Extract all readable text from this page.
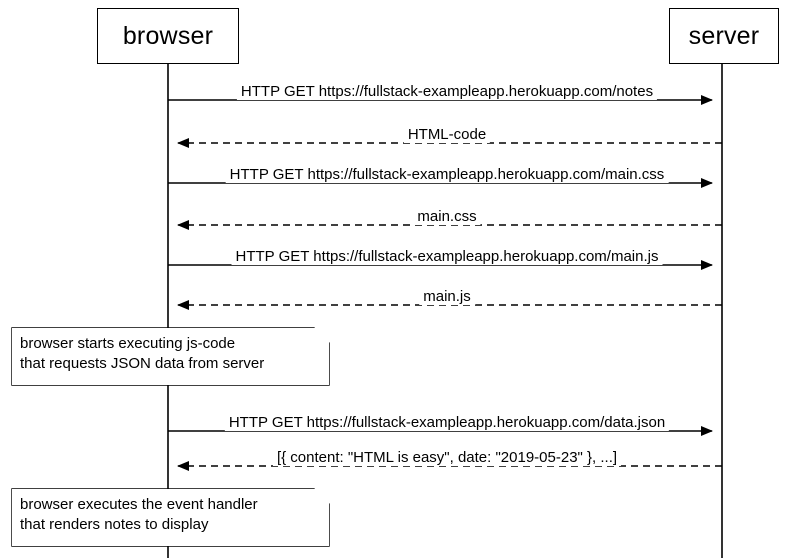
browser	server
HTTP GET https://fullstack-exampleapp.herokuapp.com/notes
HTML-code
HTTP GET https://fullstack-exampleapp.herokuapp.com/main.css
main.css
HTTP GET https://fullstack-exampleapp.herokuapp.com/main.js
main.js
HTTP GET https://fullstack-exampleapp.herokuapp.com/data.json
[{ content: "HTML is easy", date: "2019-05-23" }, ...]
browser starts executing js-code
that requests JSON data from server
browser executes the event handler
that renders notes to display
